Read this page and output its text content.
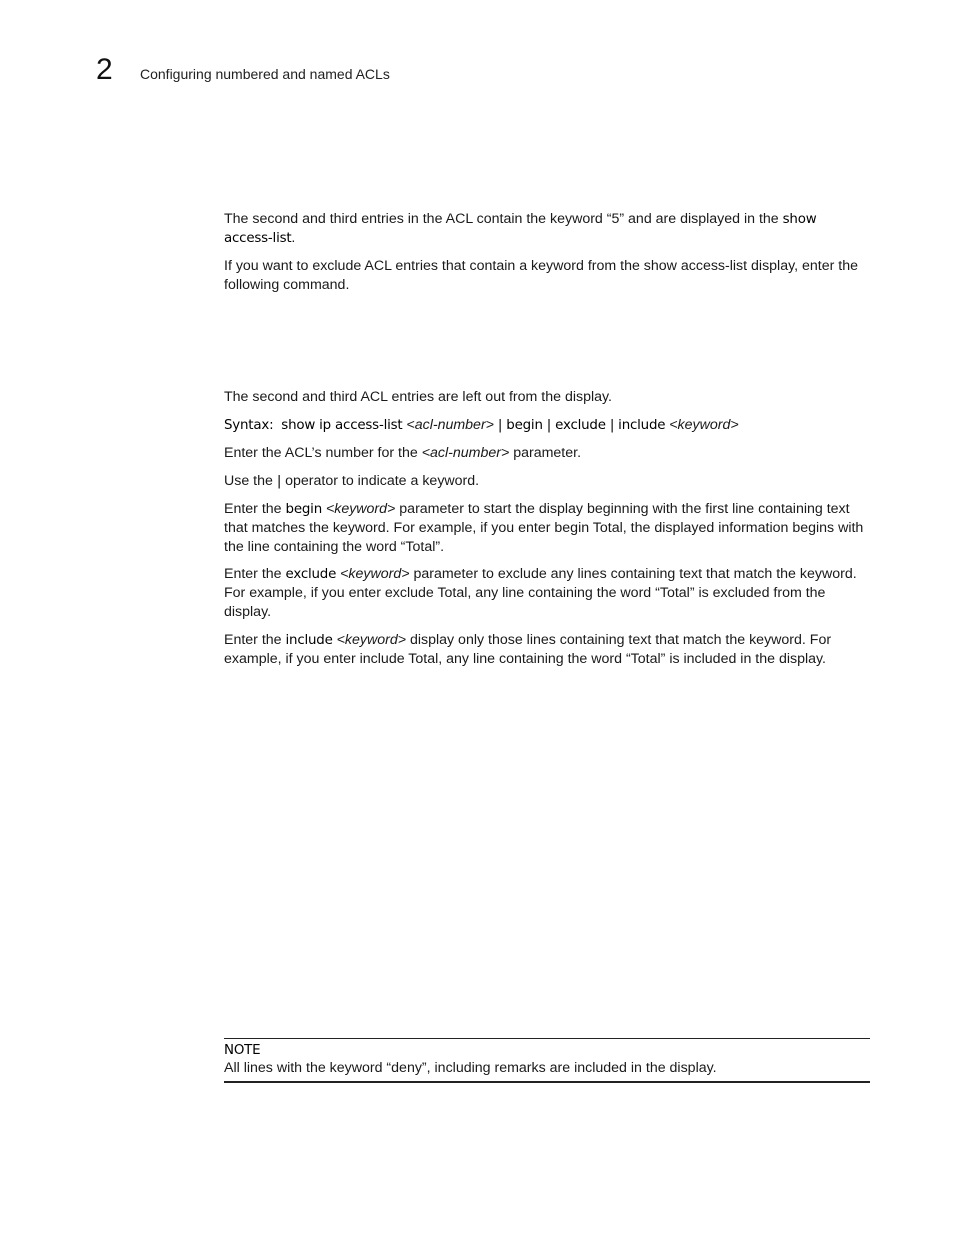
2 Configuring numbered and named ACLs

The second and third entries in the ACL contain the keyword “5” and are displayed in the show access-list.

If you want to exclude ACL entries that contain a keyword from the show access-list display, enter the following command.

The second and third ACL entries are left out from the display.

Syntax: show ip access-list <acl-number> | begin | exclude | include <keyword>

Enter the ACL’s number for the <acl-number> parameter.

Use the | operator to indicate a keyword.

Enter the begin <keyword> parameter to start the display beginning with the first line containing text that matches the keyword. For example, if you enter begin Total, the displayed information begins with the line containing the word “Total”.

Enter the exclude <keyword> parameter to exclude any lines containing text that match the keyword. For example, if you enter exclude Total, any line containing the word “Total” is excluded from the display.

Enter the include <keyword> display only those lines containing text that match the keyword. For example, if you enter include Total, any line containing the word “Total” is included in the display.

NOTE
All lines with the keyword “deny”, including remarks are included in the display.
